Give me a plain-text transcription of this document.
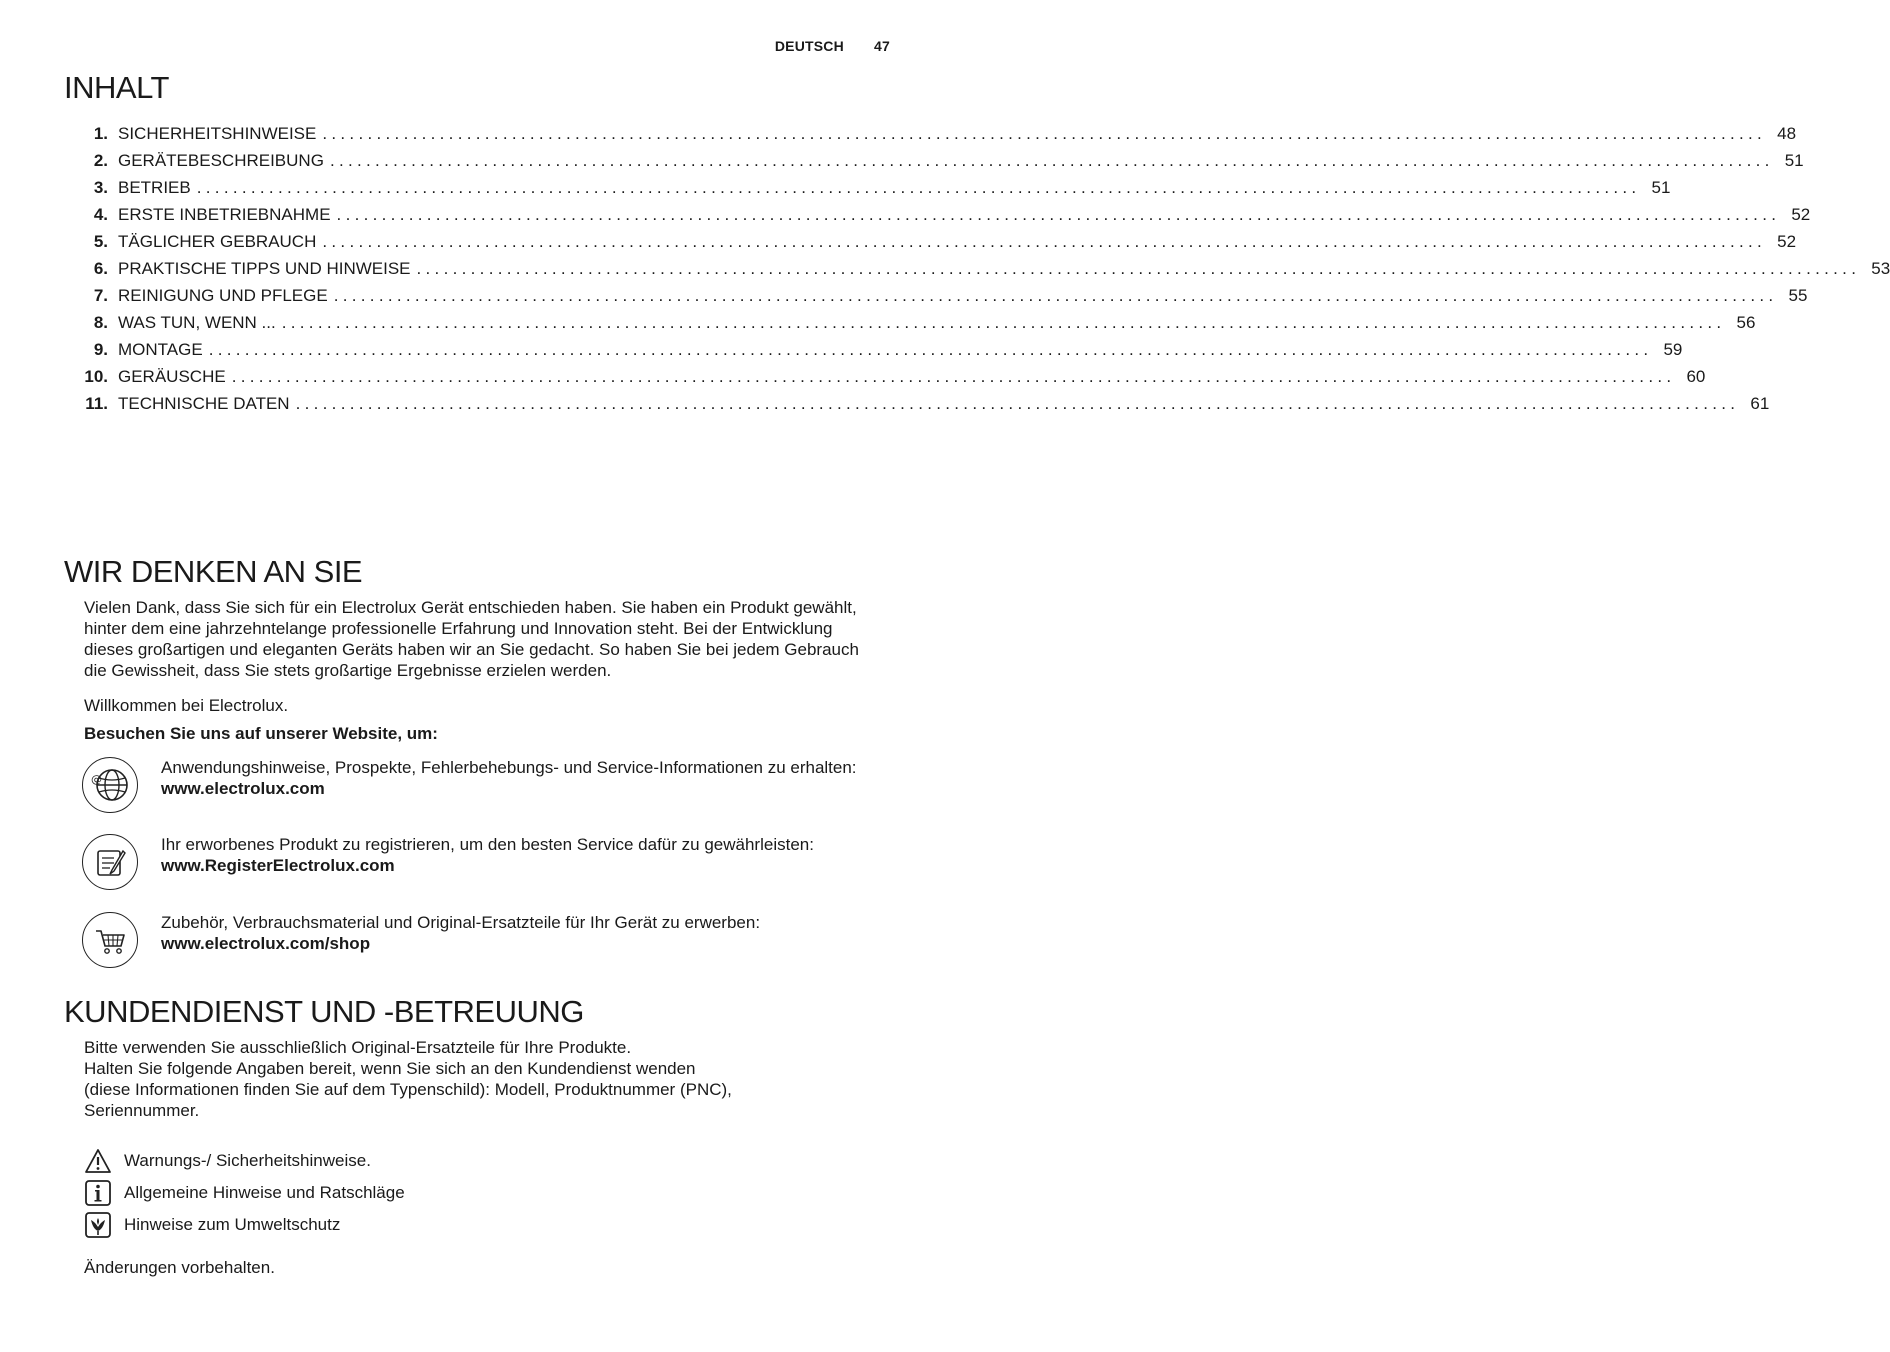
DEUTSCH 47
INHALT
1. SICHERHEITSHINWEISE ................................................................................................................................................................ 48
2. GERÄTEBESCHREIBUNG ................................................................................................................................................................ 51
3. BETRIEB ................................................................................................................................................................ 51
4. ERSTE INBETRIEBNAHME ................................................................................................................................................................ 52
5. TÄGLICHER GEBRAUCH ................................................................................................................................................................ 52
6. PRAKTISCHE TIPPS UND HINWEISE ................................................................................................................................................................ 53
7. REINIGUNG UND PFLEGE ................................................................................................................................................................ 55
8. WAS TUN, WENN ... ................................................................................................................................................................ 56
9. MONTAGE ................................................................................................................................................................ 59
10. GERÄUSCHE ................................................................................................................................................................ 60
11. TECHNISCHE DATEN ................................................................................................................................................................ 61
WIR DENKEN AN SIE
Vielen Dank, dass Sie sich für ein Electrolux Gerät entschieden haben. Sie haben ein Produkt gewählt, hinter dem eine jahrzehntelange professionelle Erfahrung und Innovation steht. Bei der Entwicklung dieses großartigen und eleganten Geräts haben wir an Sie gedacht. So haben Sie bei jedem Gebrauch die Gewissheit, dass Sie stets großartige Ergebnisse erzielen werden.
Willkommen bei Electrolux.
Besuchen Sie uns auf unserer Website, um:
@
Anwendungshinweise, Prospekte, Fehlerbehebungs- und Service-Informationen zu erhalten:
www.electrolux.com
Ihr erworbenes Produkt zu registrieren, um den besten Service dafür zu gewährleisten:
www.RegisterElectrolux.com
Zubehör, Verbrauchsmaterial und Original-Ersatzteile für Ihr Gerät zu erwerben:
www.electrolux.com/shop
KUNDENDIENST UND -BETREUUNG
Bitte verwenden Sie ausschließlich Original-Ersatzteile für Ihre Produkte.
Halten Sie folgende Angaben bereit, wenn Sie sich an den Kundendienst wenden
(diese Informationen finden Sie auf dem Typenschild): Modell, Produktnummer (PNC),
Seriennummer.
Warnungs-/ Sicherheitshinweise.
Allgemeine Hinweise und Ratschläge
Hinweise zum Umweltschutz
Änderungen vorbehalten.
